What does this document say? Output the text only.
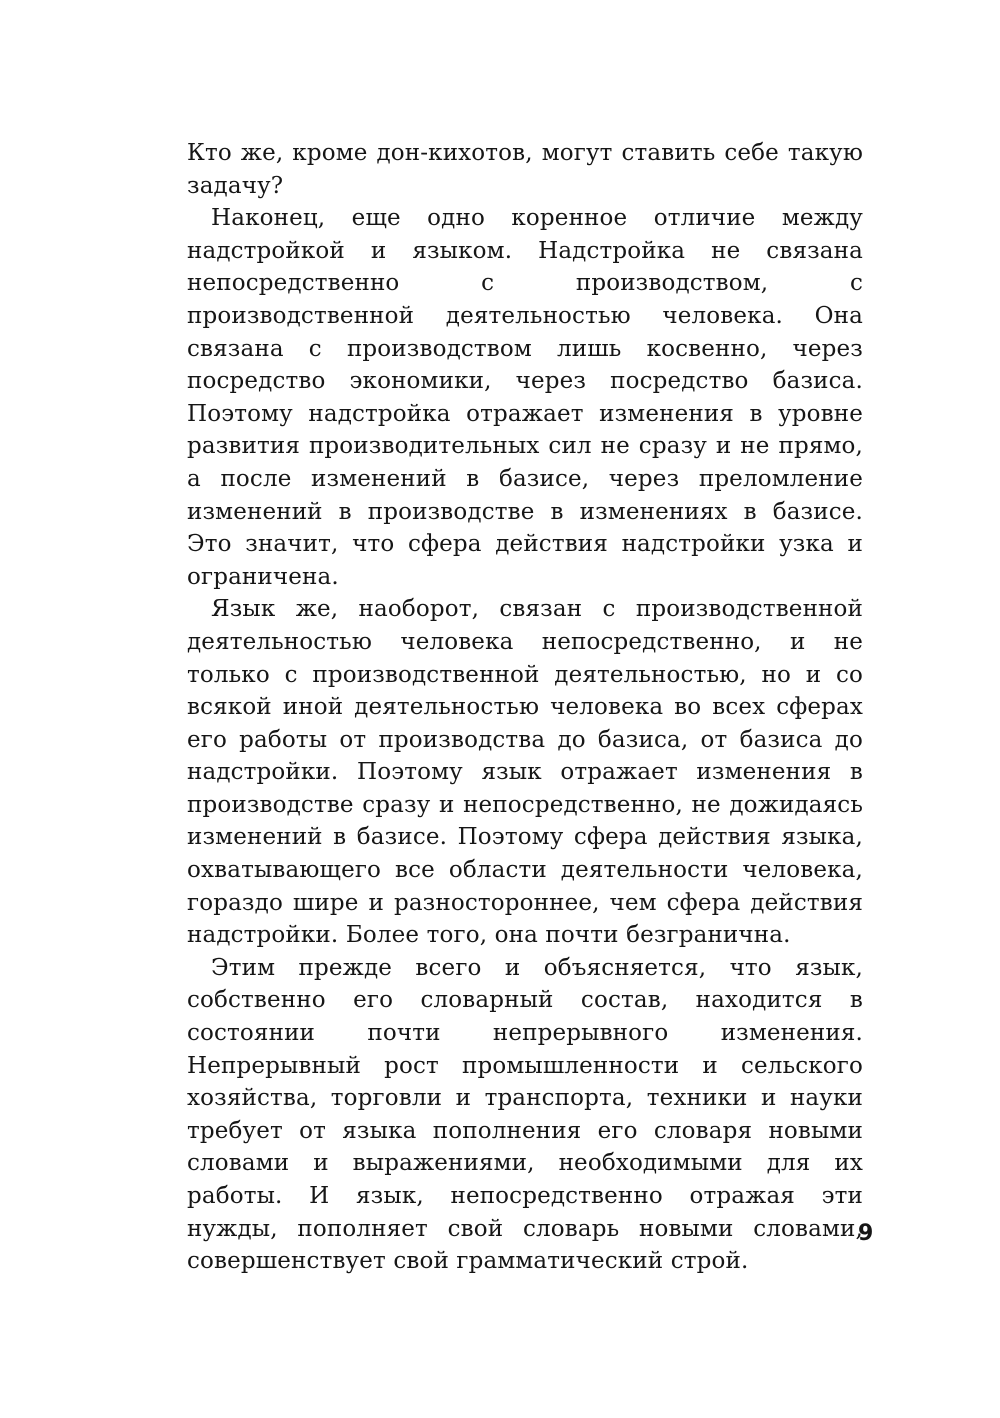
Кто же, кроме дон-кихотов, могут ставить себе такую задачу?

Наконец, еще одно коренное отличие между надстройкой и языком. Надстройка не связана непосредственно с производством, с производственной деятельностью человека. Она связана с производством лишь косвенно, через посредство экономики, через посредство базиса. Поэтому надстройка отражает изменения в уровне развития производительных сил не сразу и не прямо, а после изменений в базисе, через преломление изменений в производстве в изменениях в базисе. Это значит, что сфера действия надстройки узка и ограничена.

Язык же, наоборот, связан с производственной деятельностью человека непосредственно, и не только с производственной деятельностью, но и со всякой иной деятельностью человека во всех сферах его работы от производства до базиса, от базиса до надстройки. Поэтому язык отражает изменения в производстве сразу и непосредственно, не дожидаясь изменений в базисе. Поэтому сфера действия языка, охватывающего все области деятельности человека, гораздо шире и разностороннее, чем сфера действия надстройки. Более того, она почти безгранична.

Этим прежде всего и объясняется, что язык, собственно его словарный состав, находится в состоянии почти непрерывного изменения. Непрерывный рост промышленности и сельского хозяйства, торговли и транспорта, техники и науки требует от языка пополнения его словаря новыми словами и выражениями, необходимыми для их работы. И язык, непосредственно отражая эти нужды, пополняет свой словарь новыми словами, совершенствует свой грамматический строй.

9
